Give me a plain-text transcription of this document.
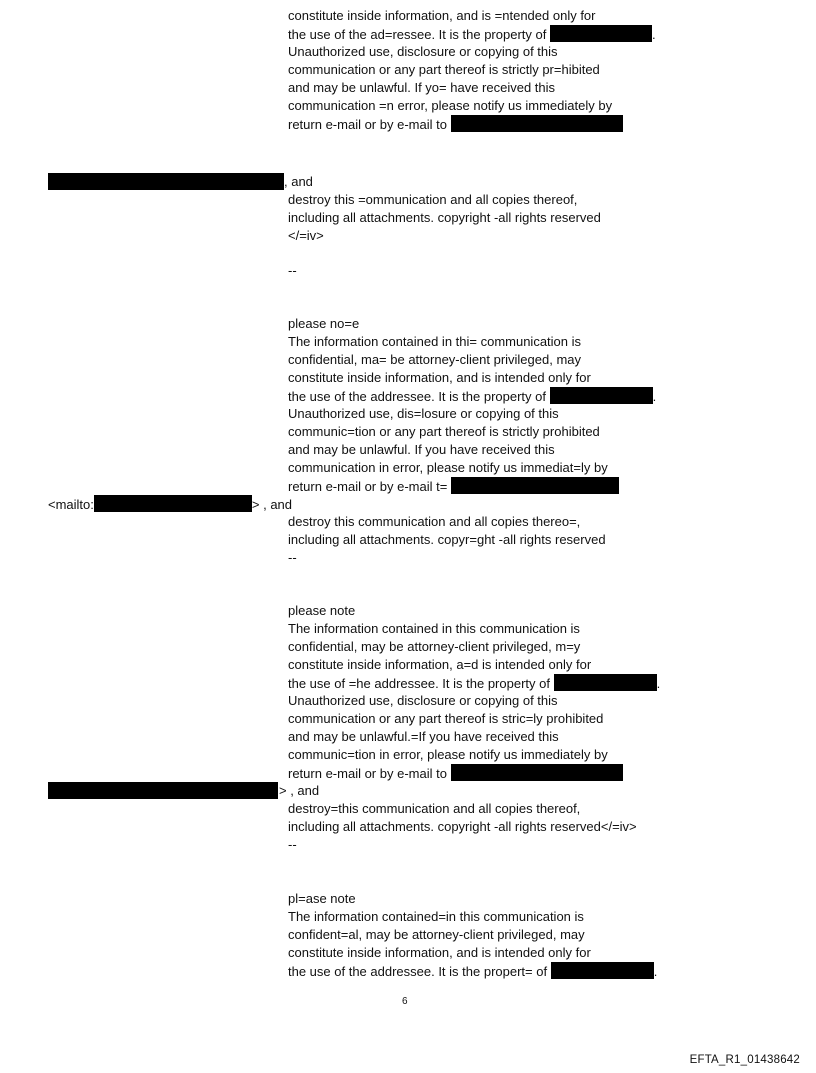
constitute inside information, and is =ntended only for
the use of the ad=ressee. It is the property of	.
Unauthorized use, disclosure or copying of this
communication or any part thereof is strictly pr=hibited
and may be unlawful. If yo= have received this
communication =n error, please notify us immediately by
return e-mail or by e-mail to
, and
destroy this =ommunication and all copies thereof,
including all attachments. copyright -all rights reserved
</=iv>
--
please no=e
The information contained in thi= communication is
confidential, ma= be attorney-client privileged, may
constitute inside information, and is intended only for
the use of the addressee. It is the property of	.
Unauthorized use, dis=losure or copying of this
communic=tion or any part thereof is strictly prohibited
and may be unlawful. If you have received this
communication in error, please notify us immediat=ly by
return e-mail or by e-mail t=
<mailto:	> , and
destroy this communication and all copies thereo=,
including all attachments. copyr=ght -all rights reserved
--
please note
The information contained in this communication is
confidential, may be attorney-client privileged, m=y
constitute inside information, a=d is intended only for
the use of =he addressee. It is the property of	.
Unauthorized use, disclosure or copying of this
communication or any part thereof is stric=ly prohibited
and may be unlawful.=If you have received this
communic=tion in error, please notify us immediately by
return e-mail or by e-mail to
> , and
destroy=this communication and all copies thereof,
including all attachments. copyright -all rights reserved</=iv>
--
pl=ase note
The information contained=in this communication is
confident=al, may be attorney-client privileged, may
constitute inside information, and is intended only for
the use of the addressee. It is the propert= of	.
6
EFTA_R1_01438642
